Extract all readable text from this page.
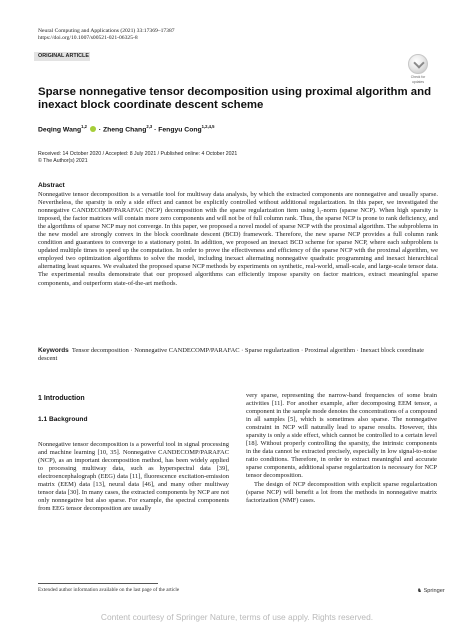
Neural Computing and Applications (2021) 33:17369–17387
https://doi.org/10.1007/s00521-021-06325-8
ORIGINAL ARTICLE
Check for
updates
Sparse nonnegative tensor decomposition using proximal algorithm and inexact block coordinate descent scheme
Deqing Wang$^{1,2}$  · Zheng Chang$^{2,3}$ · Fengyu Cong$^{1,2,4,5}$
Received: 14 October 2020 / Accepted: 8 July 2021 / Published online: 4 October 2021
© The Author(s) 2021
Abstract
Nonnegative tensor decomposition is a versatile tool for multiway data analysis, by which the extracted components are nonnegative and usually sparse. Nevertheless, the sparsity is only a side effect and cannot be explicitly controlled without additional regularization. In this paper, we investigated the nonnegative CANDECOMP/PARAFAC (NCP) decomposition with the sparse regularization item using l₁-norm (sparse NCP). When high sparsity is imposed, the factor matrices will contain more zero components and will not be of full column rank. Thus, the sparse NCP is prone to rank deficiency, and the algorithms of sparse NCP may not converge. In this paper, we proposed a novel model of sparse NCP with the proximal algorithm. The subproblems in the new model are strongly convex in the block coordinate descent (BCD) framework. Therefore, the new sparse NCP provides a full column rank condition and guarantees to converge to a stationary point. In addition, we proposed an inexact BCD scheme for sparse NCP, where each subproblem is updated multiple times to speed up the computation. In order to prove the effectiveness and efficiency of the sparse NCP with the proximal algorithm, we employed two optimization algorithms to solve the model, including inexact alternating nonnegative quadratic programming and inexact hierarchical alternating least squares. We evaluated the proposed sparse NCP methods by experiments on synthetic, real-world, small-scale, and large-scale tensor data. The experimental results demonstrate that our proposed algorithms can efficiently impose sparsity on factor matrices, extract meaningful sparse components, and outperform state-of-the-art methods.
Keywords Tensor decomposition · Nonnegative CANDECOMP/PARAFAC · Sparse regularization · Proximal algorithm · Inexact block coordinate descent
1 Introduction
1.1 Background
Nonnegative tensor decomposition is a powerful tool in signal processing and machine learning [10, 35]. Nonnegative CANDECOMP/PARAFAC (NCP), as an important decomposition method, has been widely applied to processing multiway data, such as hyperspectral data [39], electroencephalograph (EEG) data [11], fluorescence excitation-emission matrix (EEM) data [13], neural data [46], and many other multiway tensor data [30]. In many cases, the extracted components by NCP are not only nonnegative but also sparse. For example, the spectral components from EEG tensor decomposition are usually
very sparse, representing the narrow-band frequencies of some brain activities [11]. For another example, after decomposing EEM tensor, a component in the sample mode denotes the concentrations of a compound in all samples [5], which is sometimes also sparse. The nonnegative constraint in NCP will naturally lead to sparse results. However, this sparsity is only a side effect, which cannot be controlled to a certain level [18]. Without properly controlling the sparsity, the intrinsic components in the data cannot be extracted precisely, especially in low signal-to-noise ratio conditions. Therefore, in order to extract meaningful and accurate sparse components, additional sparse regularization is necessary for NCP tensor decomposition.
The design of NCP decomposition with explicit sparse regularization (sparse NCP) will benefit a lot from the methods in nonnegative matrix factorization (NMF) cases.
Extended author information available on the last page of the article	♞ Springer
Content courtesy of Springer Nature, terms of use apply. Rights reserved.
